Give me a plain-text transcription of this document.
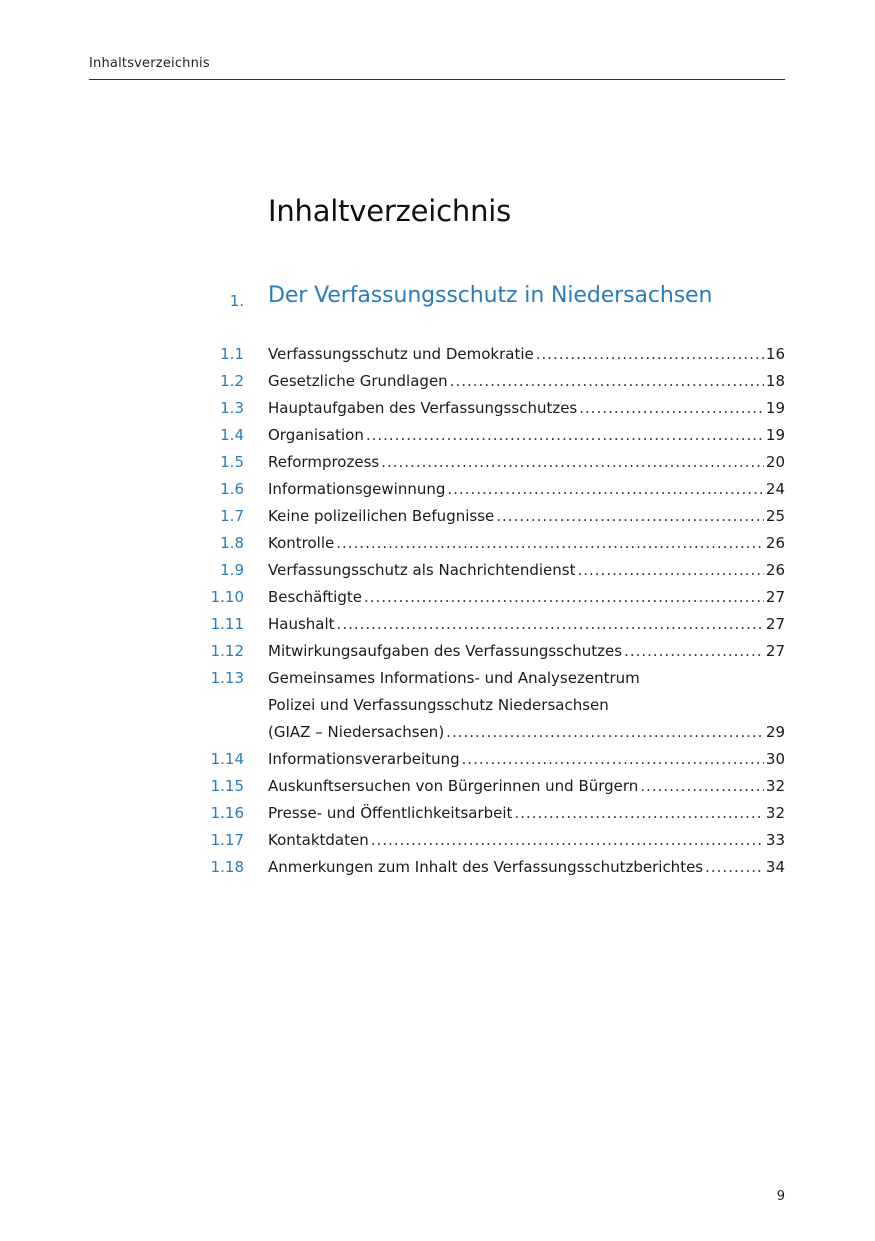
Inhaltsverzeichnis
Inhaltverzeichnis
1. Der Verfassungsschutz in Niedersachsen
1.1 Verfassungsschutz und Demokratie .....	16
1.2 Gesetzliche Grundlagen .....	18
1.3 Hauptaufgaben des Verfassungsschutzes .....	19
1.4 Organisation .....	19
1.5 Reformprozess .....	20
1.6 Informationsgewinnung .....	24
1.7 Keine polizeilichen Befugnisse .....	25
1.8 Kontrolle .....	26
1.9 Verfassungsschutz als Nachrichtendienst .....	26
1.10 Beschäftigte .....	27
1.11 Haushalt .....	27
1.12 Mitwirkungsaufgaben des Verfassungsschutzes .....	27
1.13 Gemeinsames Informations- und Analysezentrum
Polizei und Verfassungsschutz Niedersachsen
(GIAZ – Niedersachsen) .....	29
1.14 Informationsverarbeitung .....	30
1.15 Auskunftsersuchen von Bürgerinnen und Bürgern .....	32
1.16 Presse- und Öffentlichkeitsarbeit .....	32
1.17 Kontaktdaten .....	33
1.18 Anmerkungen zum Inhalt des Verfassungsschutzberichtes .....	34
9
